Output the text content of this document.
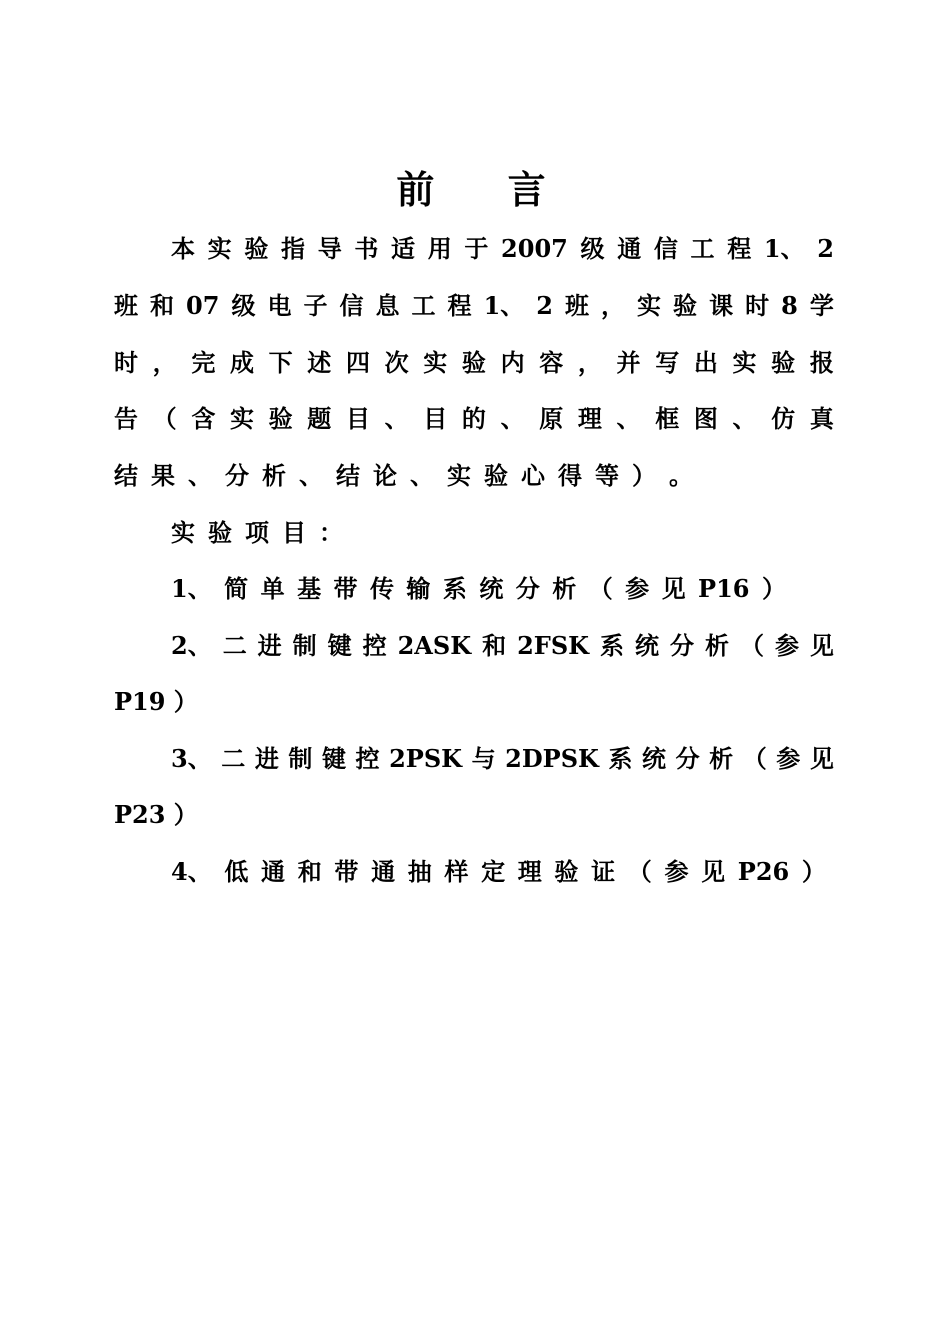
前 言
本 实 验 指 导 书 适 用 于 2007 级 通 信 工 程 1、 2
班 和 07 级 电 子 信 息 工 程 1、 2 班 ， 实 验 课 时 8 学
时 ， 完 成 下 述 四 次 实 验 内 容 ， 并 写 出 实 验 报
告 （ 含 实 验 题 目 、 目 的 、 原 理 、 框 图 、 仿 真
结 果 、 分 析 、 结 论 、 实 验 心 得 等 ） 。
实 验 项 目 ：
1、 简 单 基 带 传 输 系 统 分 析 （ 参 见 P16 ）
2、 二 进 制 键 控 2ASK 和 2FSK 系 统 分 析 （ 参 见
P19 ）
3、 二 进 制 键 控 2PSK 与 2DPSK 系 统 分 析 （ 参 见
P23 ）
4、 低 通 和 带 通 抽 样 定 理 验 证 （ 参 见 P26 ）
